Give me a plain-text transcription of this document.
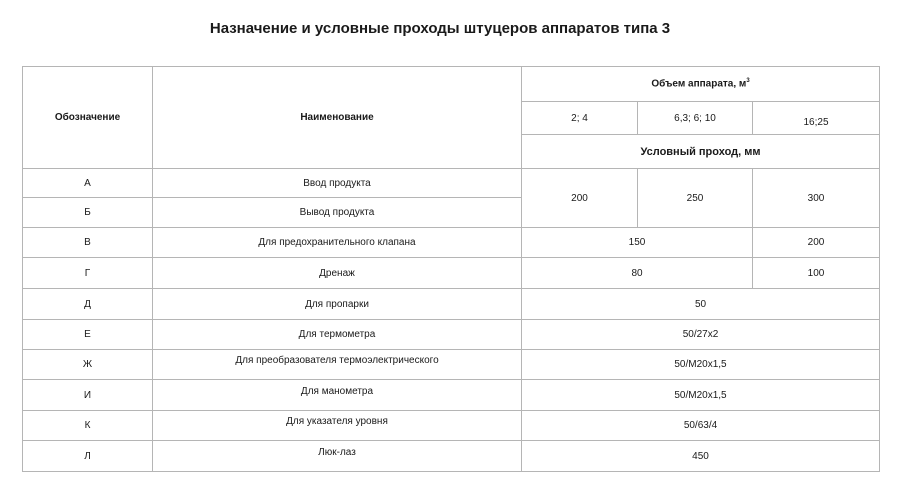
Назначение и условные проходы штуцеров аппаратов типа 3
Обозначение	Наименование	Объем аппарата, $м^3$
		2; 4	6,3; 6; 10	16;25
		Условный проход, мм		
А	Ввод продукта	200	250	300
Б	Вывод продукта			
В	Для предохранительного клапана	150		200
Г	Дренаж	80		100
Д	Для пропарки	50		
Е	Для термометра	50/27x2		
Ж	Для преобразователя термоэлектрического	50/М20x1,5		
И	Для манометра	50/М20x1,5		
К	Для указателя уровня	50/63/4		
Л	Люк-лаз	450		
